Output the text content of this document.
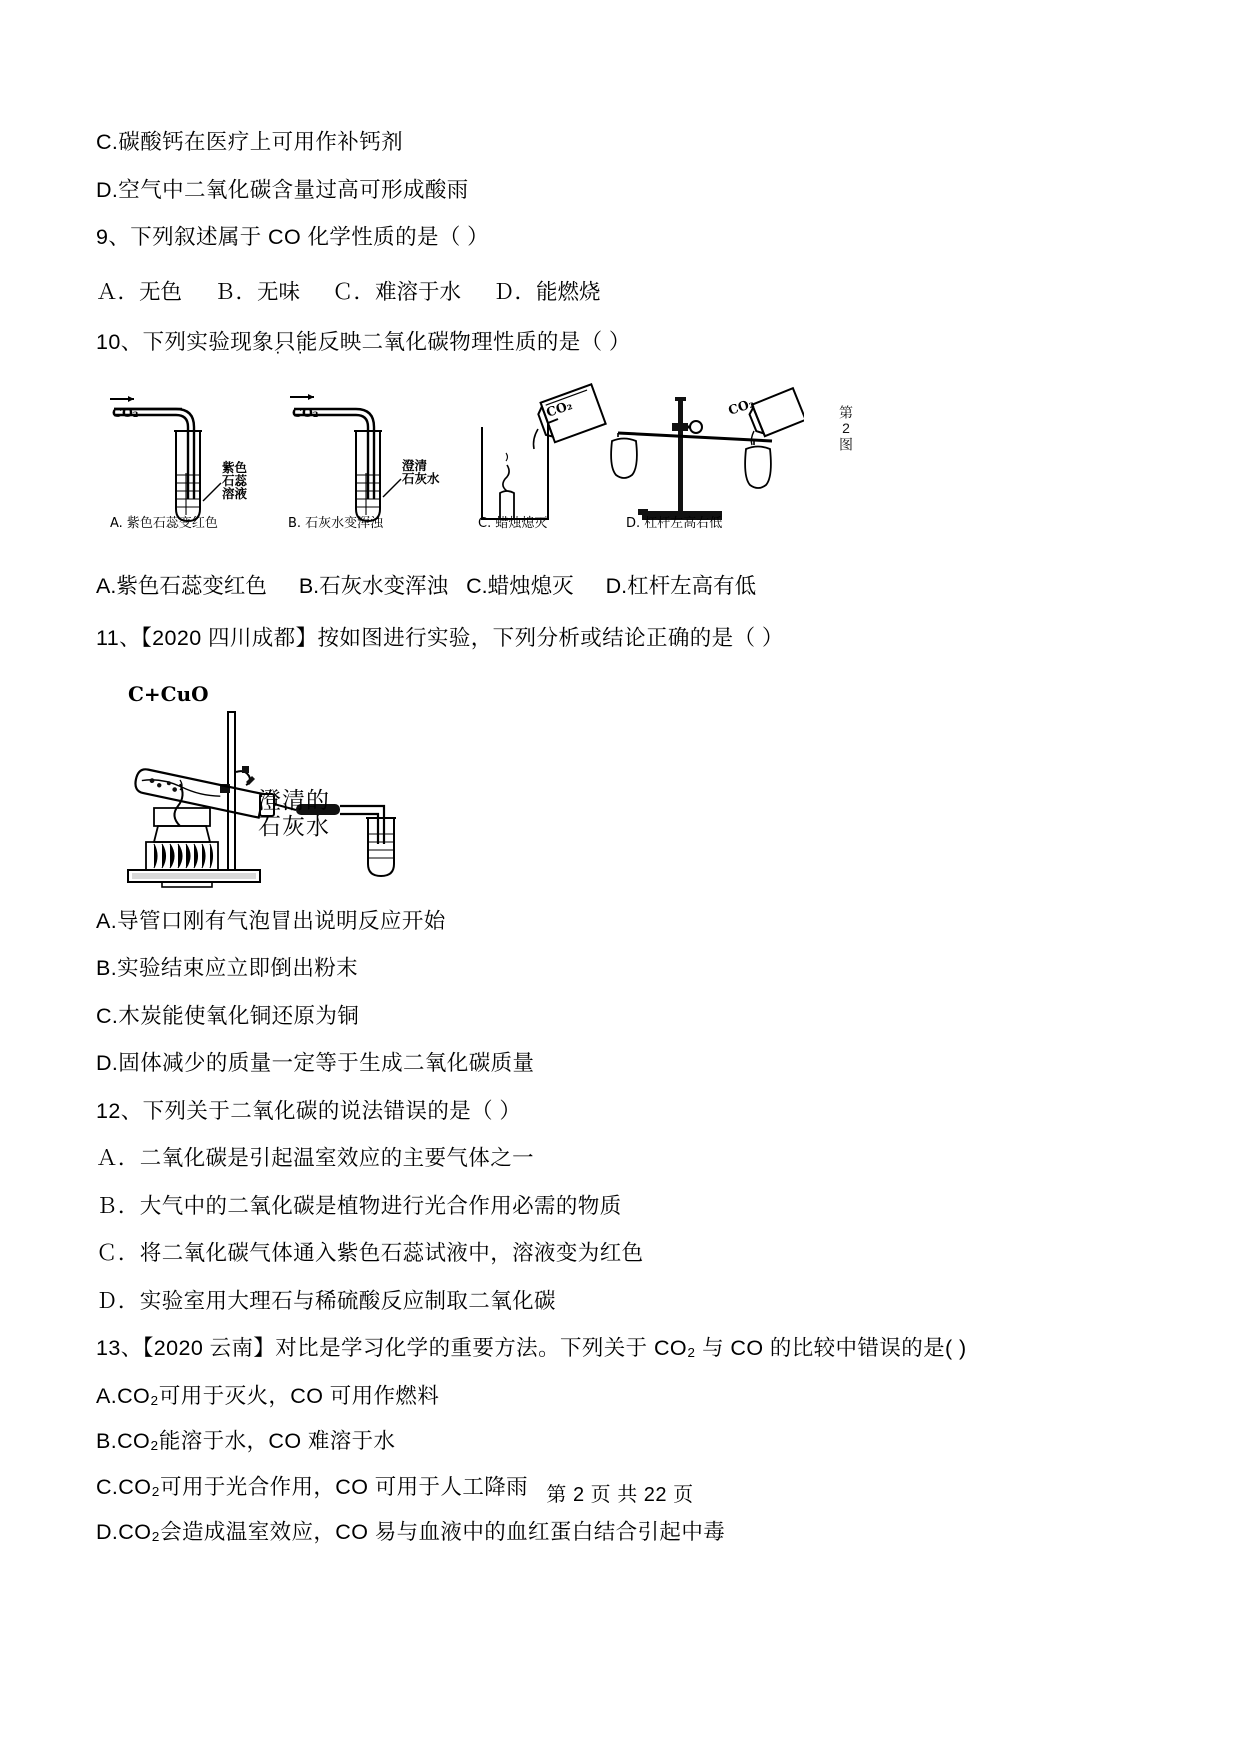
C.碳酸钙在医疗上可用作补钙剂

D.空气中二氧化碳含量过高可形成酸雨

9、下列叙述属于 CO 化学性质的是（ ）

Ａ．无色 Ｂ．无味 Ｃ．难溶于水 Ｄ．能燃烧

10、下列实验现象只能 · ·反映二氧化碳物理性质的是（ ）

第2图
CO₂
紫色
石蕊
溶液
A. 紫色石蕊变红色
CO₂
澄清
石灰水
B. 石灰水变浑浊
CO₂
C. 蜡烛熄灭
CO₂
D. 杠杆左高右低

A.紫色石蕊变红色 B.石灰水变浑浊 C.蜡烛熄灭 D.杠杆左高有低

11、【2020 四川成都】按如图进行实验，下列分析或结论正确的是（ ）

C+CuO
澄清的
石灰水

A.导管口刚有气泡冒出说明反应开始

B.实验结束应立即倒出粉末

C.木炭能使氧化铜还原为铜

D.固体减少的质量一定等于生成二氧化碳质量

12、下列关于二氧化碳的说法错误的是（ ）

Ａ．二氧化碳是引起温室效应的主要气体之一

Ｂ．大气中的二氧化碳是植物进行光合作用必需的物质

Ｃ．将二氧化碳气体通入紫色石蕊试液中，溶液变为红色

Ｄ．实验室用大理石与稀硫酸反应制取二氧化碳

13、【2020 云南】对比是学习化学的重要方法。下列关于 CO₂ 与 CO 的比较中错误的是( )

A.CO₂可用于灭火，CO 可用作燃料

B.CO₂能溶于水，CO 难溶于水

C.CO₂可用于光合作用，CO 可用于人工降雨

D.CO₂会造成温室效应，CO 易与血液中的血红蛋白结合引起中毒

第 2 页 共 22 页
